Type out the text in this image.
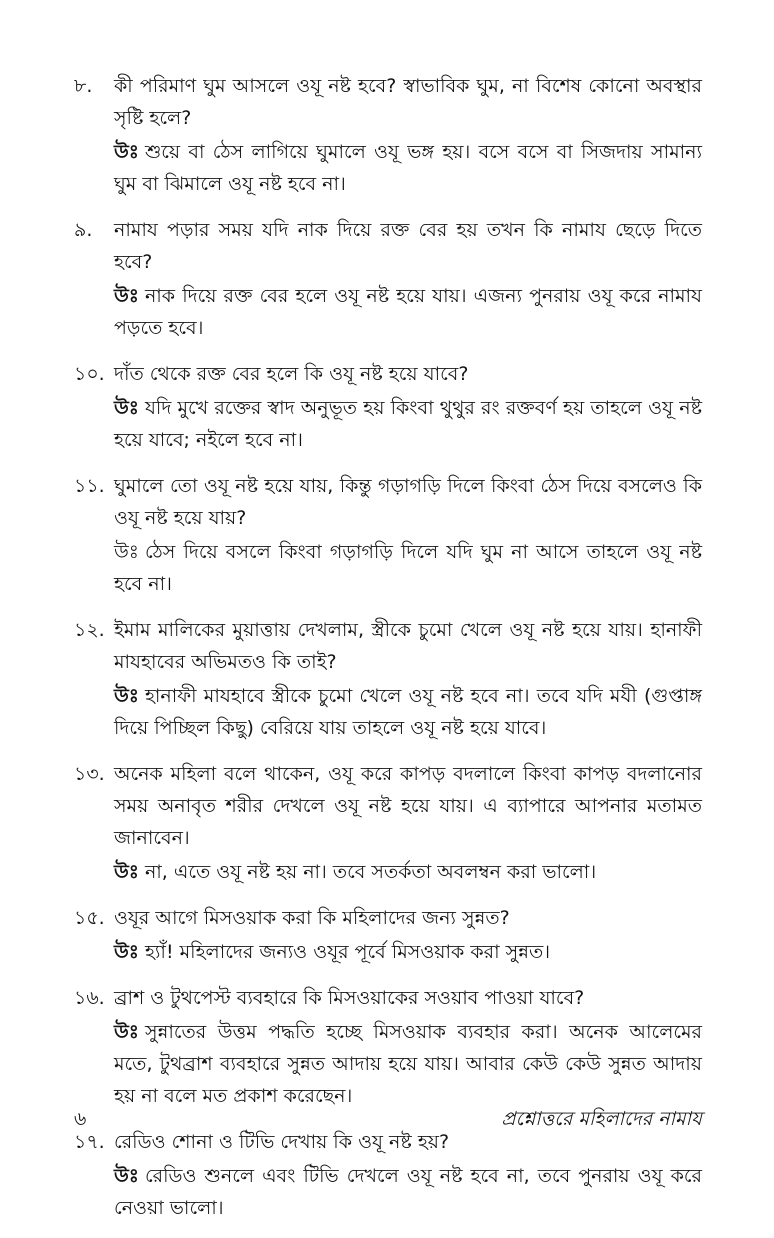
৮. কী পরিমাণ ঘুম আসলে ওযূ নষ্ট হবে? স্বাভাবিক ঘুম, না বিশেষ কোনো অবস্থার সৃষ্টি হলে?

উঃ শুয়ে বা ঠেস লাগিয়ে ঘুমালে ওযূ ভঙ্গ হয়। বসে বসে বা সিজদায় সামান্য ঘুম বা ঝিমালে ওযূ নষ্ট হবে না।

৯. নামায পড়ার সময় যদি নাক দিয়ে রক্ত বের হয় তখন কি নামায ছেড়ে দিতে হবে?

উঃ নাক দিয়ে রক্ত বের হলে ওযূ নষ্ট হয়ে যায়। এজন্য পুনরায় ওযূ করে নামায পড়তে হবে।

১০. দাঁত থেকে রক্ত বের হলে কি ওযূ নষ্ট হয়ে যাবে?

উঃ যদি মুখে রক্তের স্বাদ অনুভূত হয় কিংবা থুথুর রং রক্তবর্ণ হয় তাহলে ওযূ নষ্ট হয়ে যাবে; নইলে হবে না।

১১. ঘুমালে তো ওযূ নষ্ট হয়ে যায়, কিন্তু গড়াগড়ি দিলে কিংবা ঠেস দিয়ে বসলেও কি ওযূ নষ্ট হয়ে যায়?

উঃ ঠেস দিয়ে বসলে কিংবা গড়াগড়ি দিলে যদি ঘুম না আসে তাহলে ওযূ নষ্ট হবে না।

১২. ইমাম মালিকের মুয়াত্তায় দেখলাম, স্ত্রীকে চুমো খেলে ওযূ নষ্ট হয়ে যায়। হানাফী মাযহাবের অভিমতও কি তাই?

উঃ হানাফী মাযহাবে স্ত্রীকে চুমো খেলে ওযূ নষ্ট হবে না। তবে যদি মযী (গুপ্তাঙ্গ দিয়ে পিচ্ছিল কিছু) বেরিয়ে যায় তাহলে ওযূ নষ্ট হয়ে যাবে।

১৩. অনেক মহিলা বলে থাকেন, ওযূ করে কাপড় বদলালে কিংবা কাপড় বদলানোর সময় অনাবৃত শরীর দেখলে ওযূ নষ্ট হয়ে যায়। এ ব্যাপারে আপনার মতামত জানাবেন।

উঃ না, এতে ওযূ নষ্ট হয় না। তবে সতর্কতা অবলম্বন করা ভালো।

১৫. ওযূর আগে মিসওয়াক করা কি মহিলাদের জন্য সুন্নত?

উঃ হ্যাঁ! মহিলাদের জন্যও ওযূর পূর্বে মিসওয়াক করা সুন্নত।

১৬. ব্রাশ ও টুথপেস্ট ব্যবহারে কি মিসওয়াকের সওয়াব পাওয়া যাবে?

উঃ সুন্নাতের উত্তম পদ্ধতি হচ্ছে মিসওয়াক ব্যবহার করা। অনেক আলেমের মতে, টুথব্রাশ ব্যবহারে সুন্নত আদায় হয়ে যায়। আবার কেউ কেউ সুন্নত আদায় হয় না বলে মত প্রকাশ করেছেন।

১৭. রেডিও শোনা ও টিভি দেখায় কি ওযূ নষ্ট হয়?

উঃ রেডিও শুনলে এবং টিভি দেখলে ওযূ নষ্ট হবে না, তবে পুনরায় ওযূ করে নেওয়া ভালো।

৬	প্রশ্নোত্তরে মহিলাদের নামায
